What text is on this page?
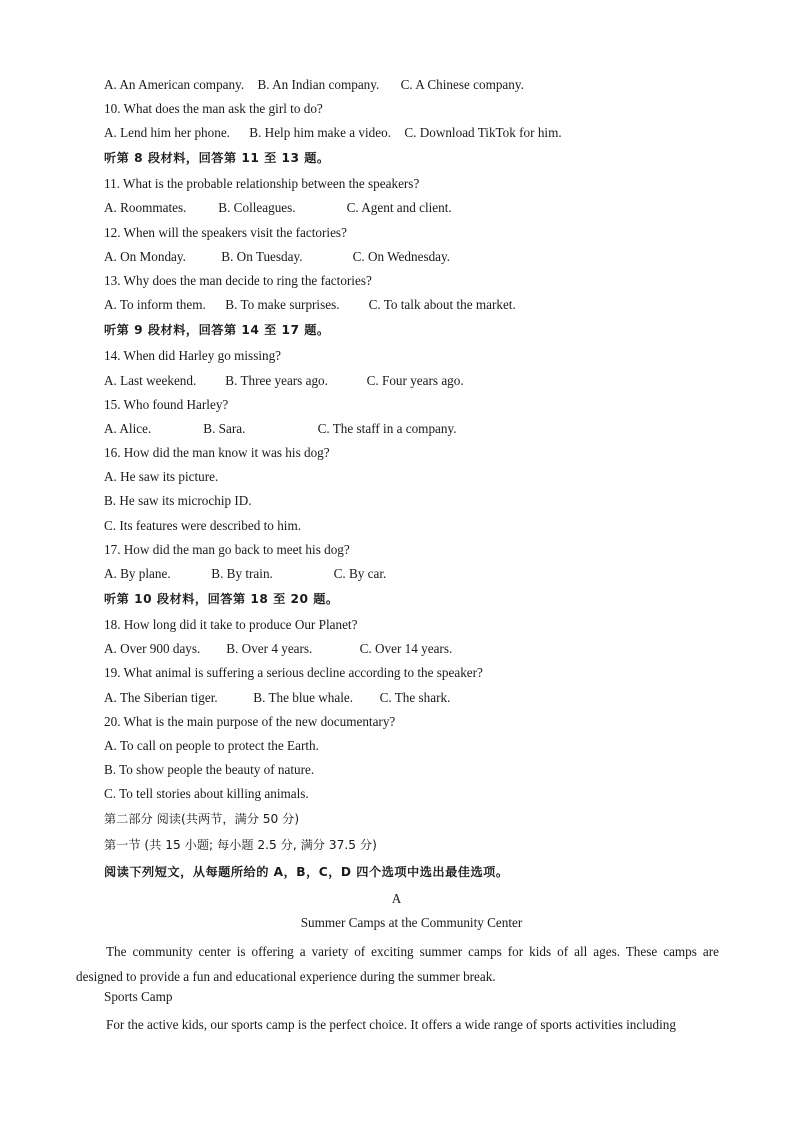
A. An American company. B. An Indian company. C. A Chinese company.
10. What does the man ask the girl to do?
A. Lend him her phone. B. Help him make a video. C. Download TikTok for him.
听第 8 段材料，回答第 11 至 13 题。
11. What is the probable relationship between the speakers?
A. Roommates. B. Colleagues.	C. Agent and client.
12. When will the speakers visit the factories?
A. On Monday.	B. On Tuesday.	C. On Wednesday.
13. Why does the man decide to ring the factories?
A. To inform them. B. To make surprises. C. To talk about the market.
听第 9 段材料，回答第 14 至 17 题。
14. When did Harley go missing?
A. Last weekend. B. Three years ago.	C. Four years ago.
15. Who found Harley?
A. Alice.	B. Sara.	C. The staff in a company.
16. How did the man know it was his dog?
A. He saw its picture.
B. He saw its microchip ID.
C. Its features were described to him.
17. How did the man go back to meet his dog?
A. By plane.	B. By train.	C. By car.
听第 10 段材料，回答第 18 至 20 题。
18. How long did it take to produce Our Planet?
A. Over 900 days. B. Over 4 years.	C. Over 14 years.
19. What animal is suffering a serious decline according to the speaker?
A. The Siberian tiger.	B. The blue whale. C. The shark.
20. What is the main purpose of the new documentary?
A. To call on people to protect the Earth.
B. To show people the beauty of nature.
C. To tell stories about killing animals.
第二部分 阅读(共两节，满分 50 分)
第一节 (共 15 小题; 每小题 2.5 分, 满分 37.5 分)
阅读下列短文，从每题所给的 A，B，C，D 四个选项中选出最佳选项。
A
Summer Camps at the Community Center
The community center is offering a variety of exciting summer camps for kids of all ages. These camps are designed to provide a fun and educational experience during the summer break.
Sports Camp
For the active kids, our sports camp is the perfect choice. It offers a wide range of sports activities including
